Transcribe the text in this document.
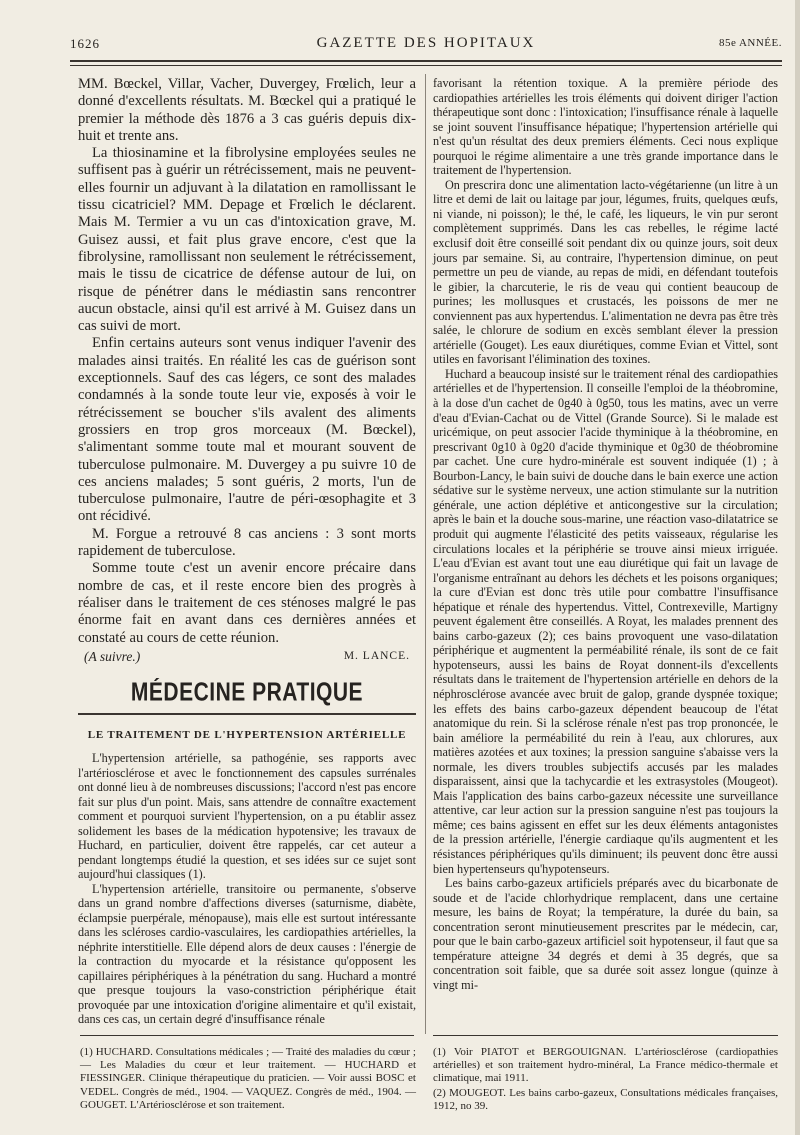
1626	GAZETTE DES HOPITAUX	85e ANNÉE.

MM. Bœckel, Villar, Vacher, Duvergey, Frœlich, leur a donné d'excellents résultats. M. Bœckel qui a pratiqué le premier la méthode dès 1876 a 3 cas guéris depuis dix-huit et trente ans.

La thiosinamine et la fibrolysine employées seules ne suffisent pas à guérir un rétrécissement, mais ne peuvent-elles fournir un adjuvant à la dilatation en ramollissant le tissu cicatriciel? MM. Depage et Frœlich le déclarent. Mais M. Termier a vu un cas d'intoxication grave, M. Guisez aussi, et fait plus grave encore, c'est que la fibrolysine, ramollissant non seulement le rétrécissement, mais le tissu de cicatrice de défense autour de lui, on risque de pénétrer dans le médiastin sans rencontrer aucun obstacle, ainsi qu'il est arrivé à M. Guisez dans un cas suivi de mort.

Enfin certains auteurs sont venus indiquer l'avenir des malades ainsi traités. En réalité les cas de guérison sont exceptionnels. Sauf des cas légers, ce sont des malades condamnés à la sonde toute leur vie, exposés à voir le rétrécissement se boucher s'ils avalent des aliments grossiers en trop gros morceaux (M. Bœckel), s'alimentant somme toute mal et mourant souvent de tuberculose pulmonaire. M. Duvergey a pu suivre 10 de ces anciens malades; 5 sont guéris, 2 morts, l'un de tuberculose pulmonaire, l'autre de péri-œsophagite et 3 ont récidivé.

M. Forgue a retrouvé 8 cas anciens : 3 sont morts rapidement de tuberculose.

Somme toute c'est un avenir encore précaire dans nombre de cas, et il reste encore bien des progrès à réaliser dans le traitement de ces sténoses malgré le pas énorme fait en avant dans ces dernières années et constaté au cours de cette réunion.

(A suivre.)	M. LANCE.
MÉDECINE PRATIQUE
LE TRAITEMENT DE L'HYPERTENSION ARTÉRIELLE

L'hypertension artérielle, sa pathogénie, ses rapports avec l'artériosclérose et avec le fonctionnement des capsules surrénales ont donné lieu à de nombreuses discussions; l'accord n'est pas encore fait sur plus d'un point. Mais, sans attendre de connaître exactement comment et pourquoi survient l'hypertension, on a pu établir assez solidement les bases de la médication hypotensive; les travaux de Huchard, en particulier, doivent être rappelés, car cet auteur a pendant longtemps étudié la question, et ses idées sur ce sujet sont aujourd'hui classiques (1).

L'hypertension artérielle, transitoire ou permanente, s'observe dans un grand nombre d'affections diverses (saturnisme, diabète, éclampsie puerpérale, ménopause), mais elle est surtout intéressante dans les scléroses cardio-vasculaires, les cardiopathies artérielles, la néphrite interstitielle. Elle dépend alors de deux causes : l'énergie de la contraction du myocarde et la résistance qu'opposent les capillaires périphériques à la pénétration du sang. Huchard a montré que presque toujours la vaso-constriction périphérique était provoquée par une intoxication d'origine alimentaire et qu'il existait, dans ces cas, un certain degré d'insuffisance rénale

favorisant la rétention toxique. A la première période des cardiopathies artérielles les trois éléments qui doivent diriger l'action thérapeutique sont donc : l'intoxication; l'insuffisance rénale à laquelle se joint souvent l'insuffisance hépatique; l'hypertension artérielle qui n'est qu'un résultat des deux premiers éléments. Ceci nous explique pourquoi le régime alimentaire a une très grande importance dans le traitement de l'hypertension.

On prescrira donc une alimentation lacto-végétarienne (un litre à un litre et demi de lait ou laitage par jour, légumes, fruits, quelques œufs, ni viande, ni poisson); le thé, le café, les liqueurs, le vin pur seront complètement supprimés. Dans les cas rebelles, le régime lacté exclusif doit être conseillé soit pendant dix ou quinze jours, soit deux jours par semaine. Si, au contraire, l'hypertension diminue, on peut permettre un peu de viande, au repas de midi, en défendant toutefois le gibier, la charcuterie, le ris de veau qui contient beaucoup de purines; les mollusques et crustacés, les poissons de mer ne conviennent pas aux hypertendus. L'alimentation ne devra pas être très salée, le chlorure de sodium en excès semblant élever la pression artérielle (Gouget). Les eaux diurétiques, comme Evian et Vittel, sont utiles en favorisant l'élimination des toxines.

Huchard a beaucoup insisté sur le traitement rénal des cardiopathies artérielles et de l'hypertension. Il conseille l'emploi de la théobromine, à la dose d'un cachet de 0g40 à 0g50, tous les matins, avec un verre d'eau d'Evian-Cachat ou de Vittel (Grande Source). Si le malade est uricémique, on peut associer l'acide thyminique à la théobromine, en prescrivant 0g10 à 0g20 d'acide thyminique et 0g30 de théobromine par cachet. Une cure hydro-minérale est souvent indiquée (1) ; à Bourbon-Lancy, le bain suivi de douche dans le bain exerce une action sédative sur le système nerveux, une action stimulante sur la nutrition générale, une action déplétive et anticongestive sur la circulation; après le bain et la douche sous-marine, une réaction vaso-dilatatrice se produit qui augmente l'élasticité des petits vaisseaux, régularise les circulations locales et la périphérie se trouve ainsi mieux irriguée. L'eau d'Evian est avant tout une eau diurétique qui fait un lavage de l'organisme entraînant au dehors les déchets et les poisons organiques; la cure d'Evian est donc très utile pour combattre l'insuffisance hépatique et rénale des hypertendus. Vittel, Contrexeville, Martigny peuvent également être conseillés. A Royat, les malades prennent des bains carbo-gazeux (2); ces bains provoquent une vaso-dilatation périphérique et augmentent la perméabilité rénale, ils sont de ce fait hypotenseurs, aussi les bains de Royat donnent-ils d'excellents résultats dans le traitement de l'hypertension artérielle en dehors de la néphrosclérose avancée avec bruit de galop, grande dyspnée toxique; les effets des bains carbo-gazeux dépendent beaucoup de l'état anatomique du rein. Si la sclérose rénale n'est pas trop prononcée, le bain améliore la perméabilité du rein à l'eau, aux chlorures, aux matières azotées et aux toxines; la pression sanguine s'abaisse vers la normale, les divers troubles subjectifs accusés par les malades disparaissent, ainsi que la tachycardie et les extrasystoles (Mougeot). Mais l'application des bains carbo-gazeux nécessite une surveillance attentive, car leur action sur la pression sanguine n'est pas toujours la même; ces bains agissent en effet sur les deux éléments antagonistes de la pression artérielle, l'énergie cardiaque qu'ils augmentent et les résistances périphériques qu'ils diminuent; ils peuvent donc être aussi bien hypertenseurs qu'hypotenseurs.

Les bains carbo-gazeux artificiels préparés avec du bicarbonate de soude et de l'acide chlorhydrique remplacent, dans une certaine mesure, les bains de Royat; la température, la durée du bain, sa concentration seront minutieusement prescrites par le médecin, car, pour que le bain carbo-gazeux artificiel soit hypotenseur, il faut que sa température atteigne 34 degrés et demi à 35 degrés, que sa concentration soit faible, que sa durée soit assez longue (quinze à vingt mi-

(1) HUCHARD. Consultations médicales ; — Traité des maladies du cœur ; — Les Maladies du cœur et leur traitement. — HUCHARD et FIESSINGER. Clinique thérapeutique du praticien. — Voir aussi BOSC et VEDEL. Congrès de méd., 1904. — VAQUEZ. Congrès de méd., 1904. — GOUGET. L'Artériosclérose et son traitement.

(1) Voir PIATOT et BERGOUIGNAN. L'artériosclérose (cardiopathies artérielles) et son traitement hydro-minéral, La France médico-thermale et climatique, mai 1911.

(2) MOUGEOT. Les bains carbo-gazeux, Consultations médicales françaises, 1912, no 39.
